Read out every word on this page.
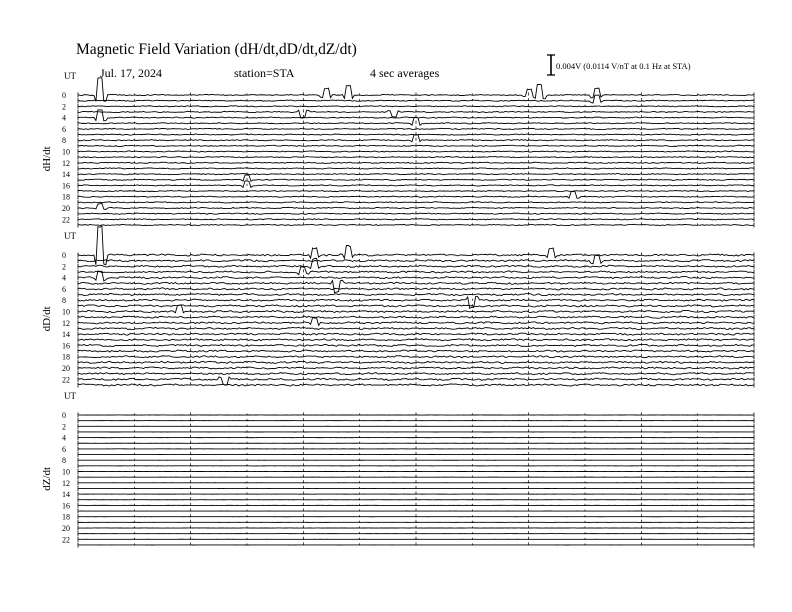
Magnetic Field Variation (dH/dt,dD/dt,dZ/dt)
Jul. 17, 2024	station=STA	4 sec averages	0.004V (0.0114 V/nT at 0.1 Hz at STA)
UT
dH/dt
0
2
4
6
8
10
12
14
16
18
20
22
UT
dD/dt
0
2
4
6
8
10
12
14
16
18
20
22
UT
dZ/dt
0
2
4
6
8
10
12
14
16
18
20
22
